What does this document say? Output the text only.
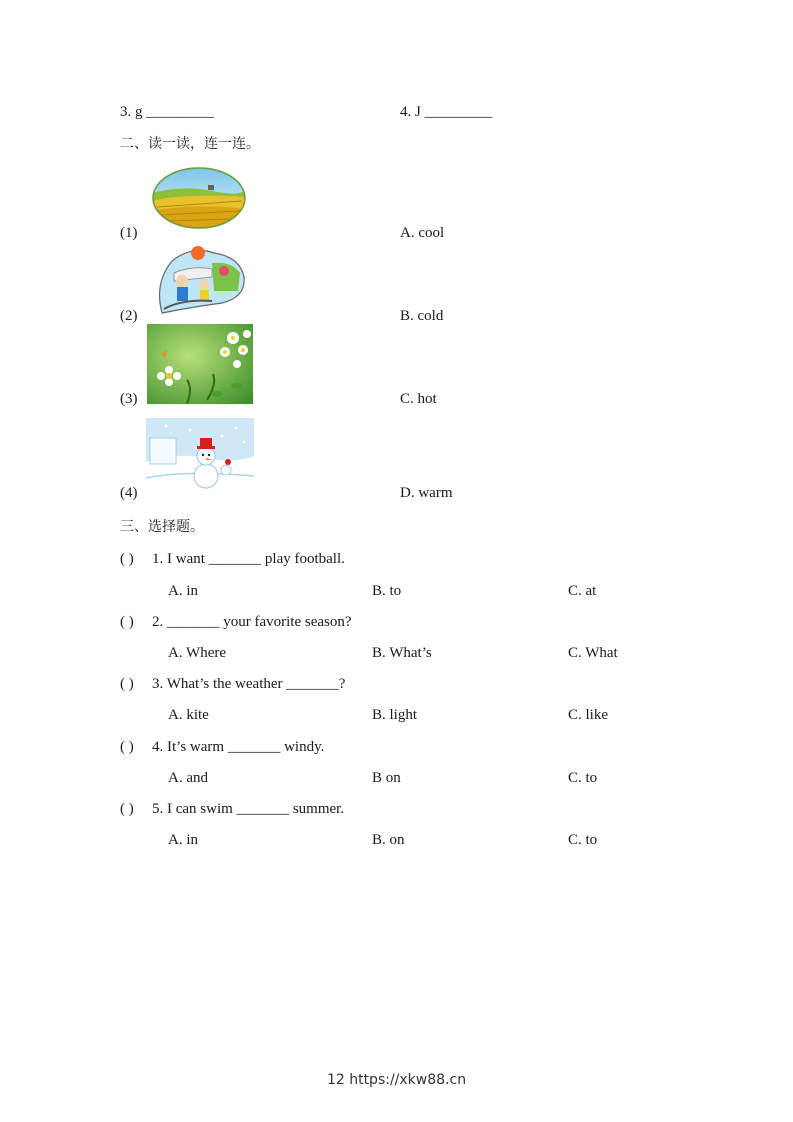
3. g _________	4. J _________
二、读一读，连一连。
(1)	A. cool
(2)	B. cold
(3)	C. hot
(4)	D. warm
三、选择题。
( ) 1. I want _______ play football.
A. in	B. to	C. at
( ) 2. _______ your favorite season?
A. Where	B. What’s	C. What
( ) 3. What’s the weather _______?
A. kite	B. light	C. like
( ) 4. It’s warm _______ windy.
A. and	B on	C. to
( ) 5. I can swim _______ summer.
A. in	B. on	C. to
12 https://xkw88.cn
